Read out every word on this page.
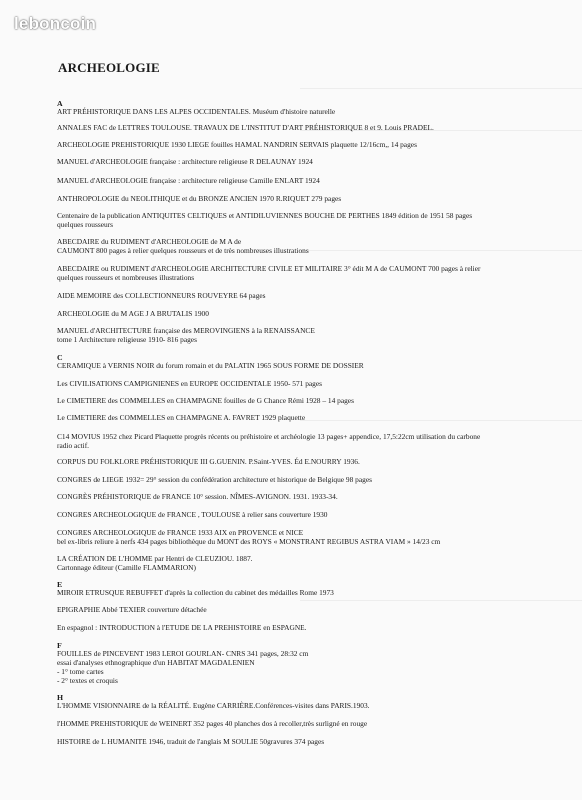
leboncoin
ARCHEOLOGIE
A
ART PRÉHISTORIQUE DANS LES ALPES OCCIDENTALES. Muséum d'histoire naturelle
ANNALES FAC de LETTRES TOULOUSE. TRAVAUX DE L'INSTITUT D'ART PRÉHISTORIQUE 8 et 9. Louis PRADEL.
ARCHEOLOGIE PREHISTORIQUE 1930 LIEGE fouilles HAMAL NANDRIN SERVAIS plaquette 12/16cm,, 14 pages
MANUEL d'ARCHEOLOGIE française : architecture religieuse R DELAUNAY 1924
MANUEL d'ARCHEOLOGIE française : architecture religieuse Camille ENLART 1924
ANTHROPOLOGIE du NEOLITHIQUE et du BRONZE ANCIEN 1970 R.RIQUET 279 pages
Centenaire de la publication ANTIQUITES CELTIQUES et ANTIDILUVIENNES BOUCHE DE PERTHES 1849 édition de 1951 58 pages
quelques rousseurs
ABECDAIRE du RUDIMENT d'ARCHEOLOGIE de M A de
CAUMONT 800 pages à relier quelques rousseurs et de très nombreuses illustrations
ABECDAIRE ou RUDIMENT d'ARCHEOLOGIE ARCHITECTURE CIVILE ET MILITAIRE 3° édit M A de CAUMONT 700 pages à relier
quelques rousseurs et nombreuses illustrations
AIDE MEMOIRE des COLLECTIONNEURS ROUVEYRE 64 pages
ARCHEOLOGIE du M AGE J A BRUTALIS 1900
MANUEL d'ARCHITECTURE française des MEROVINGIENS à la RENAISSANCE
tome 1 Architecture religieuse 1910- 816 pages
C
CERAMIQUE à VERNIS NOIR du forum romain et du PALATIN 1965 SOUS FORME DE DOSSIER
Les CIVILISATIONS CAMPIGNIENES en EUROPE OCCIDENTALE 1950- 571 pages
Le CIMETIERE des COMMELLES en CHAMPAGNE fouilles de G Chance Rémi 1928 – 14 pages
Le CIMETIERE des COMMELLES en CHAMPAGNE A. FAVRET 1929 plaquette
C14 MOVIUS 1952 chez Picard Plaquette progrès récents ou préhistoire et archéologie 13 pages+ appendice, 17,5:22cm utilisation du carbone
radio actif.
CORPUS DU FOLKLORE PRÉHISTORIQUE III G.GUENIN. P.Saint-YVES. Éd E.NOURRY 1936.
CONGRES de LIEGE 1932= 29° session du confédération architecture et historique de Belgique 98 pages
CONGRÈS PRÉHISTORIQUE de FRANCE 10° session. NÎMES-AVIGNON. 1931. 1933-34.
CONGRES ARCHEOLOGIQUE de FRANCE , TOULOUSE à relier sans couverture 1930
CONGRES ARCHEOLOGIQUE de FRANCE 1933 AIX en PROVENCE et NICE
bel ex-libris reliure à nerfs 434 pages bibliothèque du MONT des ROYS « MONSTRANT REGIBUS ASTRA VIAM » 14/23 cm
LA CRÉATION DE L'HOMME par Hentri de CLEUZIOU. 1887.
Cartonnage éditeur (Camille FLAMMARION)
E
MIROIR ETRUSQUE REBUFFET d'après la collection du cabinet des médailles Rome 1973
EPIGRAPHIE Abbé TEXIER couverture détachée
En espagnol : INTRODUCTION à l'ETUDE DE LA PREHISTOIRE en ESPAGNE.
F
FOUILLES de PINCEVENT 1983 LEROI GOURLAN- CNRS 341 pages, 28:32 cm
essai d'analyses ethnographique d'un HABITAT MAGDALENIEN
- 1° tome cartes
- 2° textes et croquis
H
L'HOMME VISIONNAIRE de la RÉALITÉ. Eugène CARRIÈRE.Conférences-visites dans PARIS.1903.
l'HOMME PREHISTORIQUE de WEINERT 352 pages 40 planches dos à recoller,très surligné en rouge
HISTOIRE de L HUMANITE 1946, traduit de l'anglais M SOULIE 50gravures 374 pages
